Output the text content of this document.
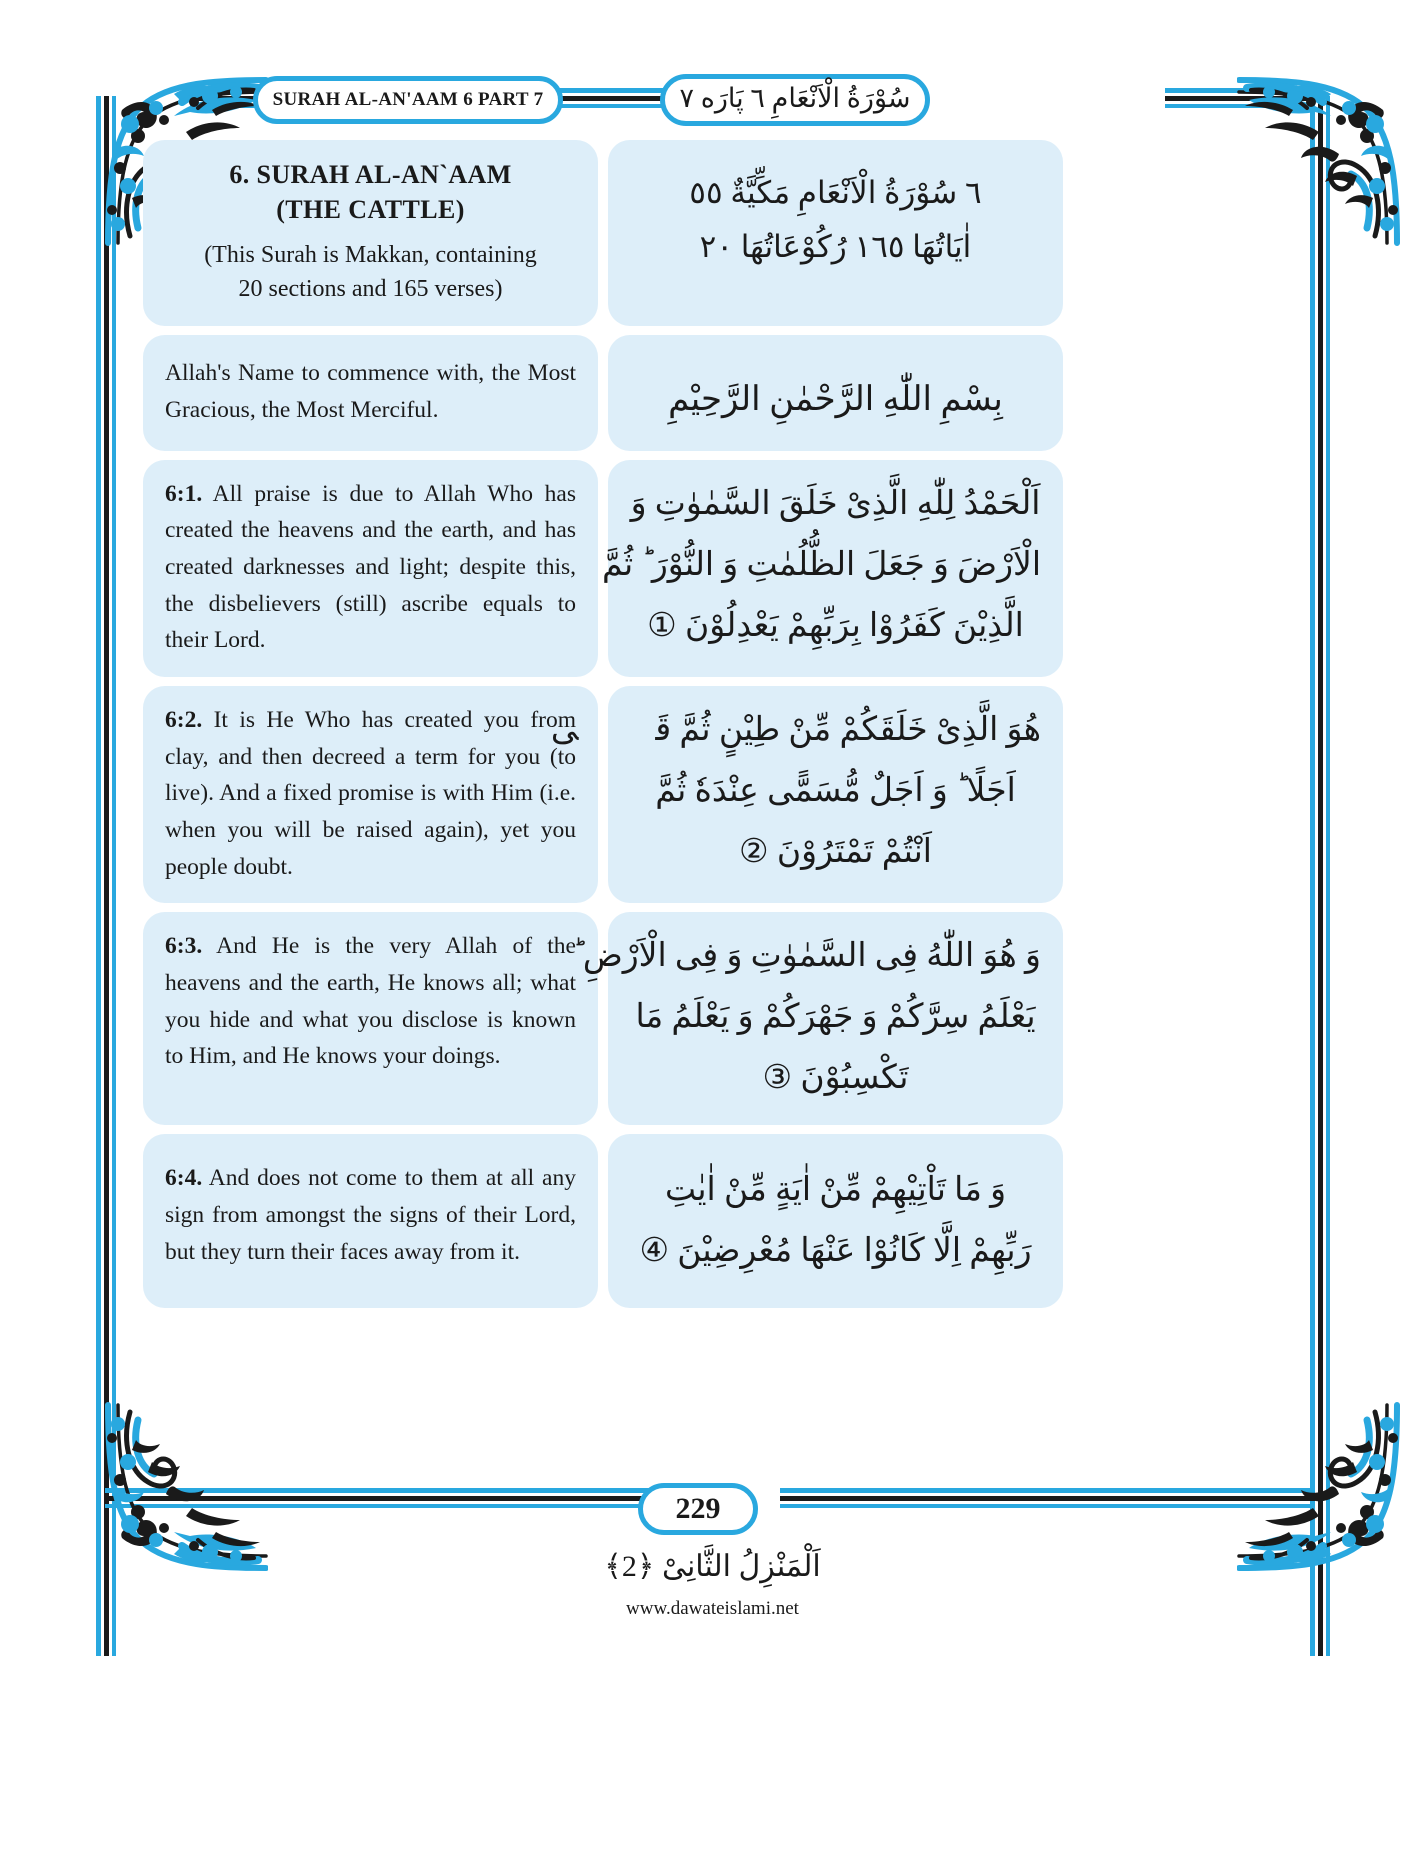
SURAH AL-AN'AAM 6 PART 7	سُوْرَةُ الْاَنْعَامِ ٦ پَارَه ٧
6. SURAH AL-AN`AAM
(THE CATTLE)
(This Surah is Makkan, containing
20 sections and 165 verses)
٦ سُوْرَةُ الْاَنْعَامِ مَكِّيَّةٌ ٥٥
اٰیَاتُهَا ١٦٥ رُكُوْعَاتُهَا ٢٠
Allah's Name to commence with, the Most Gracious, the Most Merciful.	بِسْمِ اللّٰهِ الرَّحْمٰنِ الرَّحِیْمِ
6:1. All praise is due to Allah Who has created the heavens and the earth, and has created darknesses and light; despite this, the disbelievers (still) ascribe equals to their Lord.
اَلْحَمْدُ لِلّٰهِ الَّذِیْ خَلَقَ السَّمٰوٰتِ وَ
الْاَرْضَ وَ جَعَلَ الظُّلُمٰتِ وَ النُّوْرَ ؕ ثُمَّ
الَّذِیْنَ كَفَرُوْا بِرَبِّهِمْ یَعْدِلُوْنَ ①
6:2. It is He Who has created you from clay, and then decreed a term for you (to live). And a fixed promise is with Him (i.e. when you will be raised again), yet you people doubt.
هُوَ الَّذِیْ خَلَقَكُمْ مِّنْ طِیْنٍ ثُمَّ قَضٰۤى
اَجَلًا ؕ وَ اَجَلٌ مُّسَمًّى عِنْدَهٗ ثُمَّ
اَنْتُمْ تَمْتَرُوْنَ ②
6:3. And He is the very Allah of the heavens and the earth, He knows all; what you hide and what you disclose is known to Him, and He knows your doings.
وَ هُوَ اللّٰهُ فِی السَّمٰوٰتِ وَ فِی الْاَرْضِ ؕ
یَعْلَمُ سِرَّكُمْ وَ جَهْرَكُمْ وَ یَعْلَمُ مَا
تَكْسِبُوْنَ ③
6:4. And does not come to them at all any sign from amongst the signs of their Lord, but they turn their faces away from it.
وَ مَا تَاْتِیْهِمْ مِّنْ اٰیَةٍ مِّنْ اٰیٰتِ
رَبِّهِمْ اِلَّا كَانُوْا عَنْهَا مُعْرِضِیْنَ ④
229
اَلْمَنْزِلُ الثَّانِیْ ﴿2﴾
www.dawateislami.net
